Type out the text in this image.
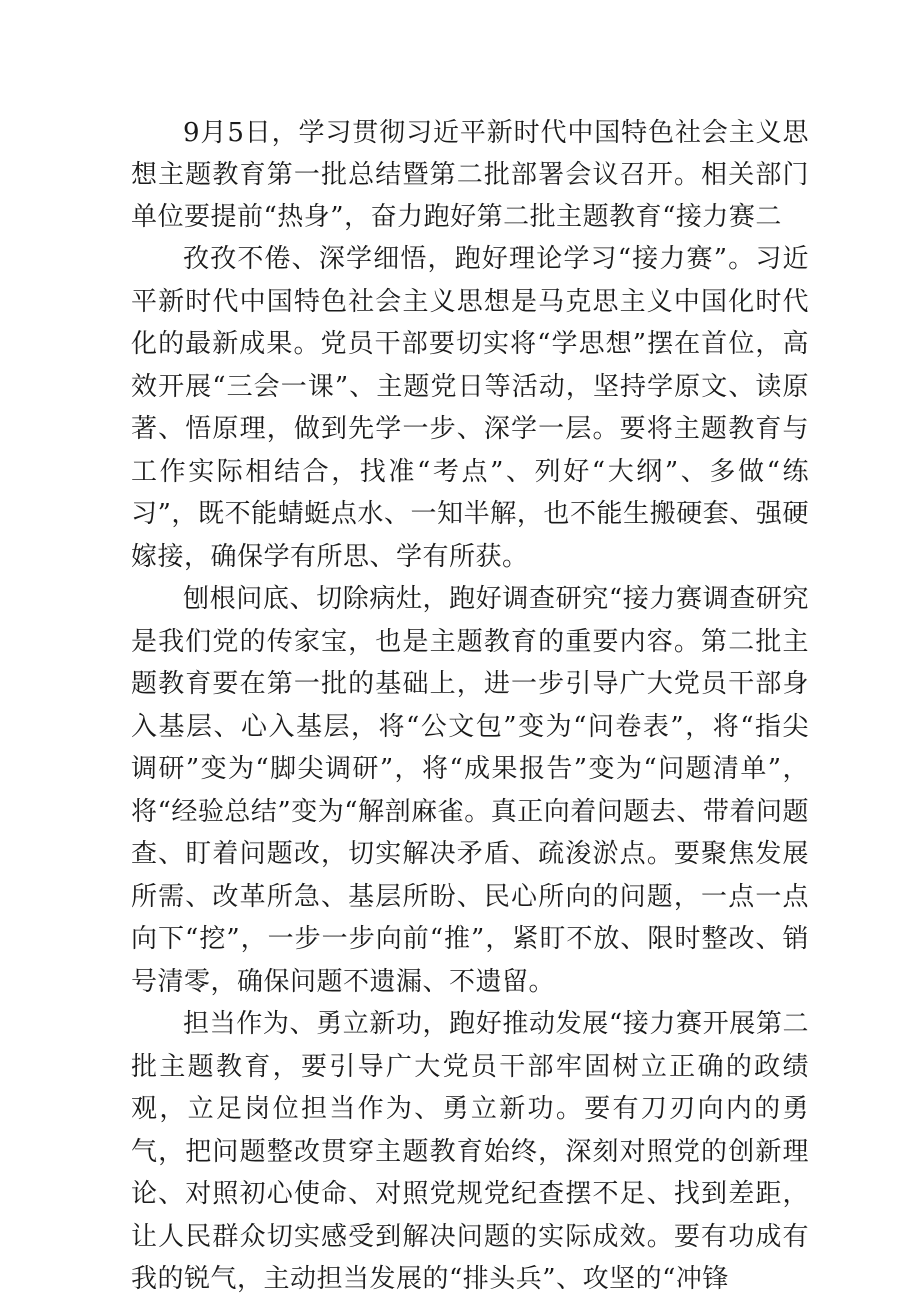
9月5日，学习贯彻习近平新时代中国特色社会主义思想主题教育第一批总结暨第二批部署会议召开。相关部门单位要提前“热身”，奋力跑好第二批主题教育“接力赛二

孜孜不倦、深学细悟，跑好理论学习“接力赛”。习近平新时代中国特色社会主义思想是马克思主义中国化时代化的最新成果。党员干部要切实将“学思想”摆在首位，高效开展“三会一课”、主题党日等活动，坚持学原文、读原著、悟原理，做到先学一步、深学一层。要将主题教育与工作实际相结合，找准“考点”、列好“大纲”、多做“练习”，既不能蜻蜓点水、一知半解，也不能生搬硬套、强硬嫁接，确保学有所思、学有所获。

刨根问底、切除病灶，跑好调查研究“接力赛调查研究是我们党的传家宝，也是主题教育的重要内容。第二批主题教育要在第一批的基础上，进一步引导广大党员干部身入基层、心入基层，将“公文包”变为“问卷表”，将“指尖调研”变为“脚尖调研”，将“成果报告”变为“问题清单”，将“经验总结”变为“解剖麻雀。真正向着问题去、带着问题查、盯着问题改，切实解决矛盾、疏浚淤点。要聚焦发展所需、改革所急、基层所盼、民心所向的问题，一点一点向下“挖”，一步一步向前“推”，紧盯不放、限时整改、销号清零，确保问题不遗漏、不遗留。

担当作为、勇立新功，跑好推动发展“接力赛开展第二批主题教育，要引导广大党员干部牢固树立正确的政绩观，立足岗位担当作为、勇立新功。要有刀刃向内的勇气，把问题整改贯穿主题教育始终，深刻对照党的创新理论、对照初心使命、对照党规党纪查摆不足、找到差距，让人民群众切实感受到解决问题的实际成效。要有功成有我的锐气，主动担当发展的“排头兵”、攻坚的“冲锋
